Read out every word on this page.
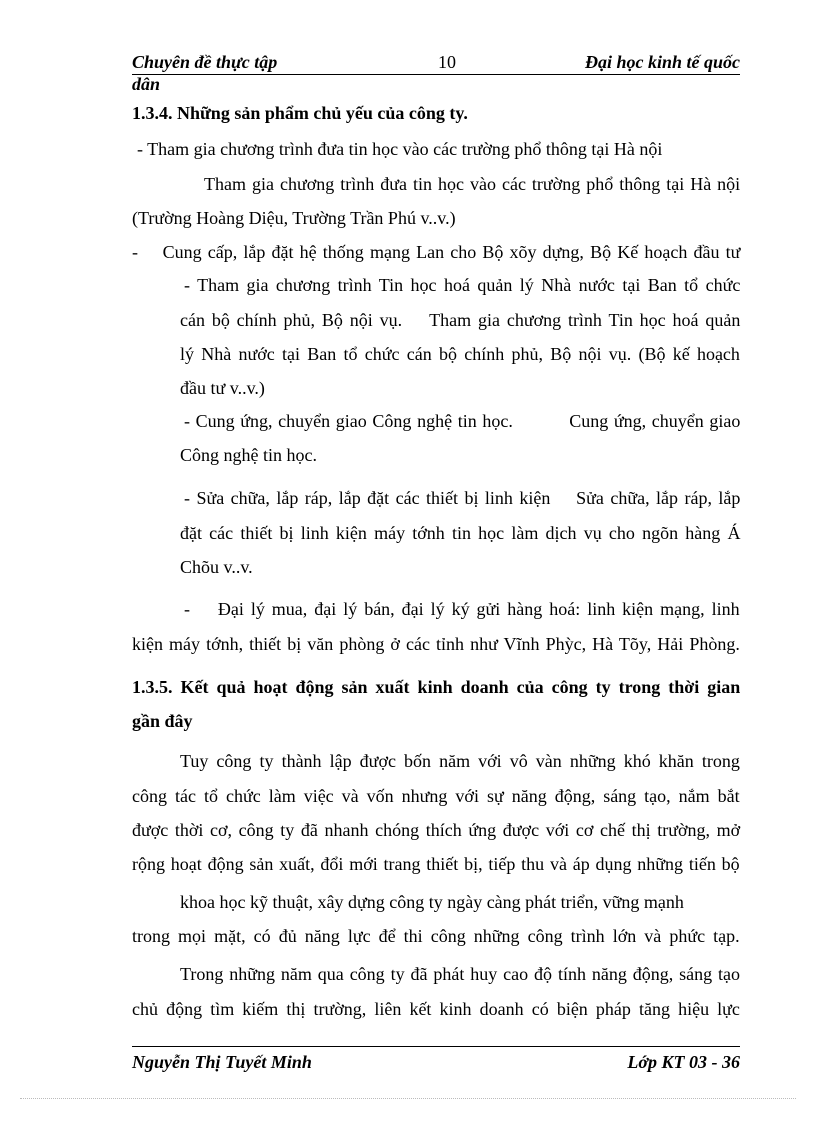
Chuyên đề thực tập	10	Đại học kinh tế quốc
dân
1.3.4. Những sản phẩm chủ yếu của công ty.
- Tham gia chương trình đưa tin học vào các trường phổ thông tại Hà nội
Tham gia chương trình đưa tin học vào các trường phổ thông tại Hà nội
(Trường Hoàng Diệu, Trường Trần Phú v..v.)
-    Cung cấp, lắp đặt hệ thống mạng Lan cho Bộ xõy dựng, Bộ Kế hoạch đầu tư
- Tham gia chương trình Tin học hoá quản lý Nhà nước tại Ban tổ chức
cán bộ chính phủ, Bộ nội vụ.    Tham gia chương trình Tin học hoá quản
lý Nhà nước tại Ban tổ chức cán bộ chính phủ, Bộ nội vụ. (Bộ kế hoạch
đầu tư v..v.)
- Cung ứng, chuyển giao Công nghệ tin học.          Cung ứng, chuyển giao
Công nghệ tin học.
- Sửa chữa, lắp ráp, lắp đặt các thiết bị linh kiện    Sửa chữa, lắp ráp, lắp
đặt các thiết bị linh kiện máy tớnh tin học làm dịch vụ cho ngõn hàng Á
Chõu v..v.
-    Đại lý mua, đại lý bán, đại lý ký gửi hàng hoá: linh kiện mạng, linh
kiện máy tớnh, thiết bị văn phòng ở các tỉnh như Vĩnh Phỳc, Hà Tõy, Hải Phòng.
1.3.5. Kết quả hoạt động sản xuất kinh doanh của công ty trong thời gian
gần đây
Tuy công ty thành lập được bốn năm với vô vàn những khó khăn trong
công tác tổ chức làm việc và vốn nhưng với sự năng động, sáng tạo, nắm bắt
được thời cơ, công ty đã nhanh chóng thích ứng được với cơ chế thị trường, mở
rộng hoạt động sản xuất, đổi mới trang thiết bị, tiếp thu và áp dụng những tiến bộ
khoa học kỹ thuật, xây dựng công ty ngày càng phát triển, vững mạnh
trong mọi mặt, có đủ năng lực để thi công những công trình lớn và phức tạp.
Trong những năm qua công ty đã phát huy cao độ tính năng động, sáng tạo
chủ động tìm kiếm thị trường, liên kết kinh doanh có biện pháp tăng hiệu lực
Nguyễn Thị Tuyết Minh	Lớp KT 03 - 36
